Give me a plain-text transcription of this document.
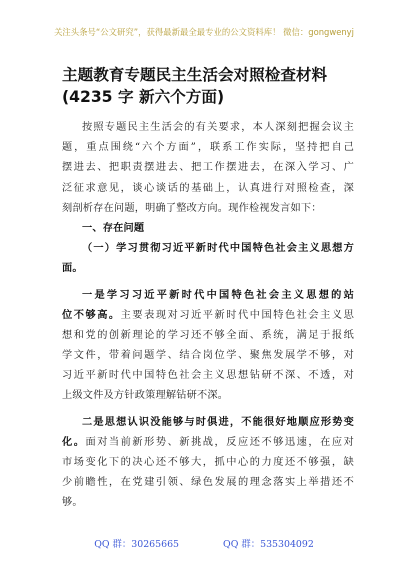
关注头条号“公文研究”，获得最新最全最专业的公文资料库！ 微信：gongwenyj
主题教育专题民主生活会对照检查材料
(4235 字 新六个方面)
按照专题民主生活会的有关要求，本人深刻把握会议主
题，重点围绕“六个方面”，联系工作实际，坚持把自己
摆进去、把职责摆进去、把工作摆进去，在深入学习、广
泛征求意见，谈心谈话的基础上，认真进行对照检查，深
刻剖析存在问题，明确了整改方向。现作检视发言如下：
一、存在问题
（一）学习贯彻习近平新时代中国特色社会主义思想方
面。
一是学习习近平新时代中国特色社会主义思想的站
位不够高。主要表现对习近平新时代中国特色社会主义思
想和党的创新理论的学习还不够全面、系统，满足于报纸
学文件，带着问题学、结合岗位学、聚焦发展学不够，对
习近平新时代中国特色社会主义思想钻研不深、不透，对
上级文件及方针政策理解钻研不深。
二是思想认识没能够与时俱进，不能很好地顺应形势变
化。面对当前新形势、新挑战，反应还不够迅速，在应对
市场变化下的决心还不够大，抓中心的力度还不够强，缺
少前瞻性，在党建引领、绿色发展的理念落实上举措还不
够。
QQ 群：30265665	QQ 群：535304092
